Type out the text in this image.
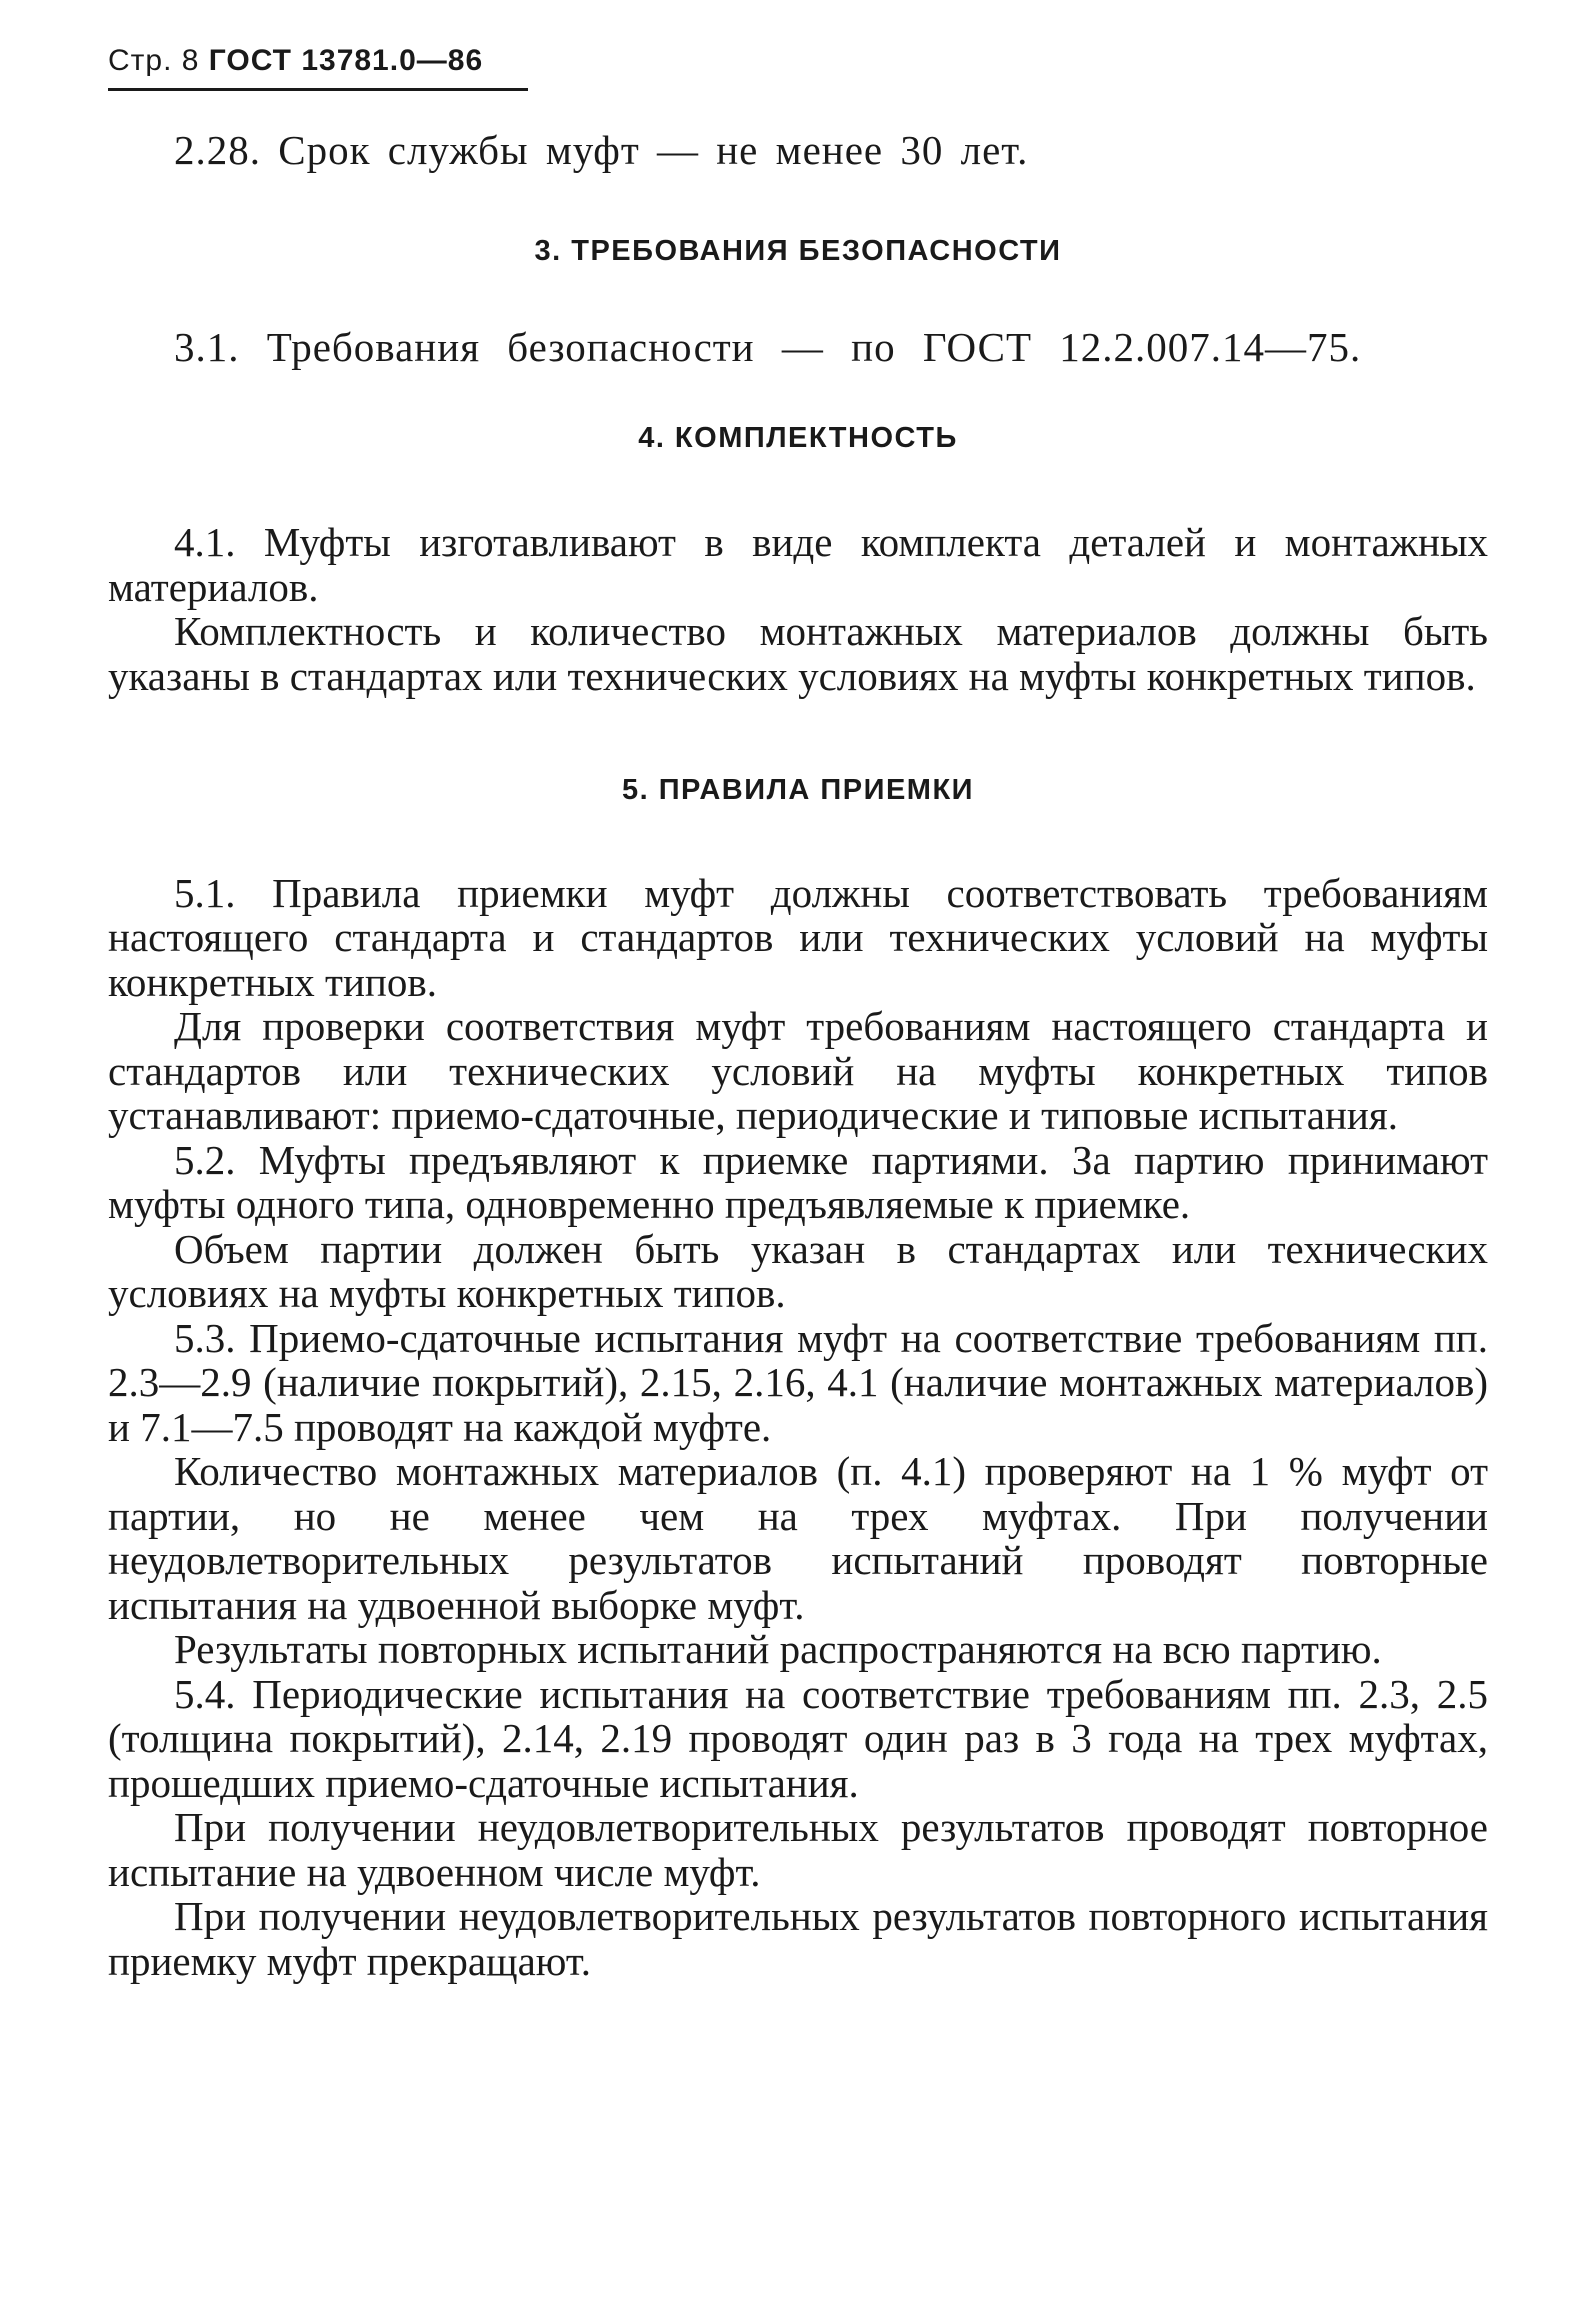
Стр. 8 ГОСТ 13781.0—86

2.28. Срок службы муфт — не менее 30 лет.

3. ТРЕБОВАНИЯ БЕЗОПАСНОСТИ

3.1. Требования безопасности — по ГОСТ 12.2.007.14—75.

4. КОМПЛЕКТНОСТЬ

4.1. Муфты изготавливают в виде комплекта деталей и монтажных материалов.

Комплектность и количество монтажных материалов должны быть указаны в стандартах или технических условиях на муфты конкретных типов.

5. ПРАВИЛА ПРИЕМКИ

5.1. Правила приемки муфт должны соответствовать требованиям настоящего стандарта и стандартов или технических условий на муфты конкретных типов.

Для проверки соответствия муфт требованиям настоящего стандарта и стандартов или технических условий на муфты конкретных типов устанавливают: приемо-сдаточные, периодические и типовые испытания.

5.2. Муфты предъявляют к приемке партиями. За партию принимают муфты одного типа, одновременно предъявляемые к приемке.

Объем партии должен быть указан в стандартах или технических условиях на муфты конкретных типов.

5.3. Приемо-сдаточные испытания муфт на соответствие требованиям пп. 2.3—2.9 (наличие покрытий), 2.15, 2.16, 4.1 (наличие монтажных материалов) и 7.1—7.5 проводят на каждой муфте.

Количество монтажных материалов (п. 4.1) проверяют на 1 % муфт от партии, но не менее чем на трех муфтах. При получении неудовлетворительных результатов испытаний проводят повторные испытания на удвоенной выборке муфт.

Результаты повторных испытаний распространяются на всю партию.

5.4. Периодические испытания на соответствие требованиям пп. 2.3, 2.5 (толщина покрытий), 2.14, 2.19 проводят один раз в 3 года на трех муфтах, прошедших приемо-сдаточные испытания.

При получении неудовлетворительных результатов проводят повторное испытание на удвоенном числе муфт.

При получении неудовлетворительных результатов повторного испытания приемку муфт прекращают.
